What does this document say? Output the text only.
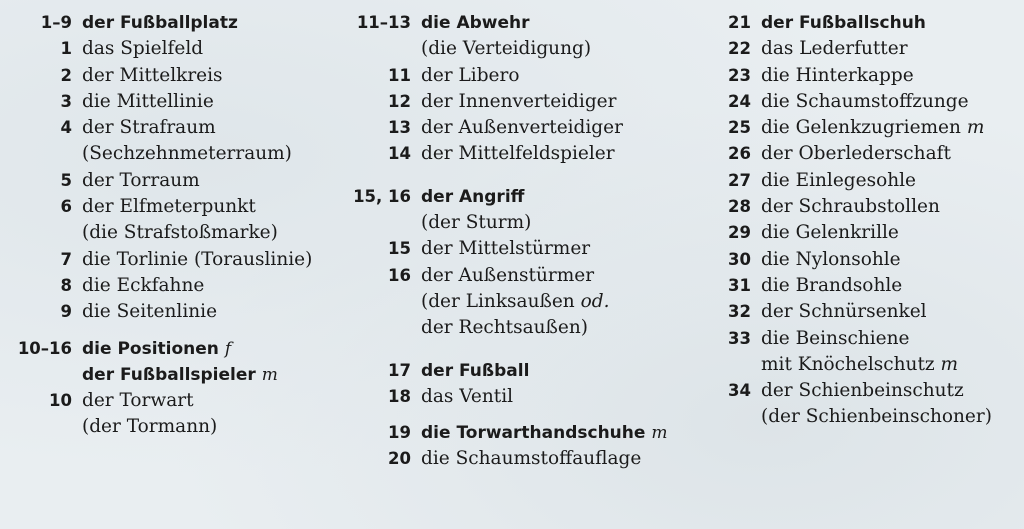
1–9 der Fußballplatz
1 das Spielfeld
2 der Mittelkreis
3 die Mittellinie
4 der Strafraum
(Sechzehnmeterraum)
5 der Torraum
6 der Elfmeterpunkt
(die Strafstoßmarke)
7 die Torlinie (Torauslinie)
8 die Eckfahne
9 die Seitenlinie
10–16 die Positionen f
der Fußballspieler m
10 der Torwart
(der Tormann)
11–13 die Abwehr
(die Verteidigung)
11 der Libero
12 der Innenverteidiger
13 der Außenverteidiger
14 der Mittelfeldspieler
15, 16 der Angriff
(der Sturm)
15 der Mittelstürmer
16 der Außenstürmer
(der Linksaußen od.
der Rechtsaußen)
17 der Fußball
18 das Ventil
19 die Torwarthandschuhe m
20 die Schaumstoffauflage
21 der Fußballschuh
22 das Lederfutter
23 die Hinterkappe
24 die Schaumstoffzunge
25 die Gelenkzugriemen m
26 der Oberlederschaft
27 die Einlegesohle
28 der Schraubstollen
29 die Gelenkrille
30 die Nylonsohle
31 die Brandsohle
32 der Schnürsenkel
33 die Beinschiene
mit Knöchelschutz m
34 der Schienbeinschutz
(der Schienbeinschoner)
